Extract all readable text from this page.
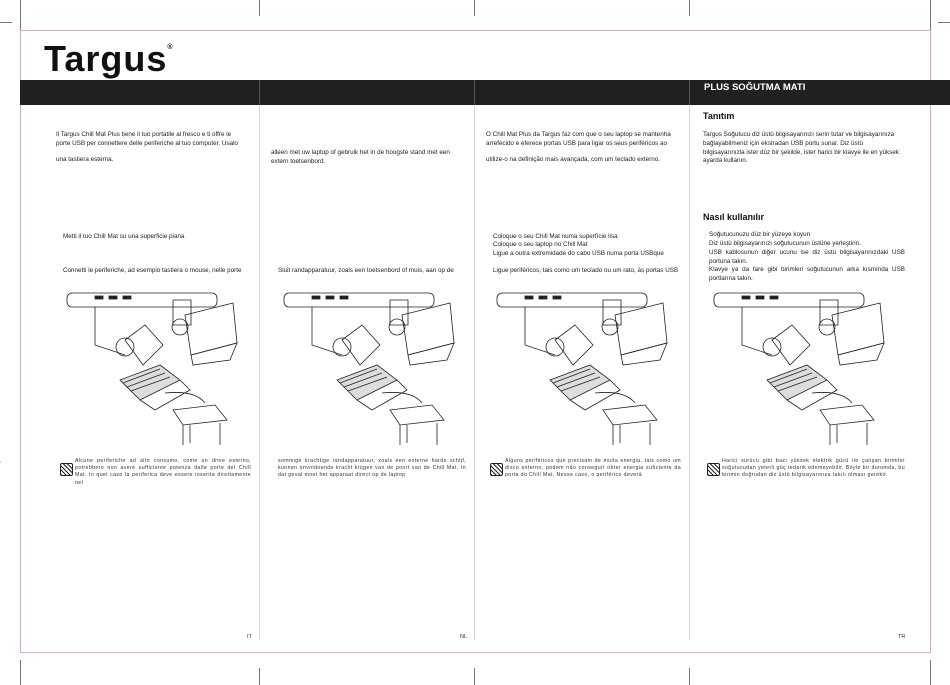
Targus®
PLUS SOĞUTMA MATI
Il Targus Chill Mat Plus tiene il tuo portatile al fresco e ti offre le
porte USB per connettere delle periferiche al tuo computer. Usalo
una tastiera esterna.
Metti il tuo Chill Mat su una superficie piana
Connetti le periferiche, ad esempio tastiera o mouse, nelle porte
alleen met uw laptop of gebruik het in de hoogste stand met een
extern toetsenbord.
Sluit randapparatuur, zoals een toetsenbord of muis, aan op de
O Chill Mat Plus da Targus faz com que o seu laptop se mantenha
arrefecido e eferece portas USB para ligar os seus periféricos ao
utilize-o na definição mais avançada, com um teclado externo.
Coloque o seu Chill Mat numa superfície lisa
Coloque o seu laptop no Chill Mat
Ligue a outra extremidade do cabo USB numa porta USBque
Ligue periféricos, tais como um teclado ou um rato, às portas USB
Tanıtım
Targus Soğutucu diz üstü bilgisayarınızı serin tutar ve bilgisayarınıza
bağlayabilmeniz için ekstradan USB portu sunar. Diz üstü
bilgisayarınızla ister düz bir şekilde, ister harici bir klavye ile en yüksek
ayarda kullanın.
Nasıl kullanılır
Soğutucunuzu düz bir yüzeye koyun
Diz üstü bilgisayarınızı soğutucunun üstüne yerleştirin.
USB kablosunun diğer ucunu ise diz üstü bilgisayarınızdaki USB portuna takın.
Klavye ya da fare gibi birimleri soğutucunun arka kısmında USB portlarına takın.
Alcune periferiche ad alto consumo, come un drive esterno, potrebbero non avere sufficiente potenza dalle porte del Chill Mat. In quel caso la periferica deve essere inserita direttamente nel
sommige krachtige randapparatuur, zoals een externe harde schijf, kunnen onvoldoende kracht krijgen van de poort van de Chill Mat. In dat geval moet het apparaat direct op de laptop
Alguns periféricos que precisam de muita energia, tais como um disco externo, podem não conseguir obter energia suficiente da porta do Chill Mat. Nesse caso, o periférico deverá
Harici sürücü gibi bazı yüksek elektrik gücü ile çalışan birimler soğutucudan yeterli güç tedarik edemeyebilir. Böyle bir durumda, bu birimin doğrudan diz üstü bilgisayarınıza takılı olması gerekir.
IT	NL	TR
